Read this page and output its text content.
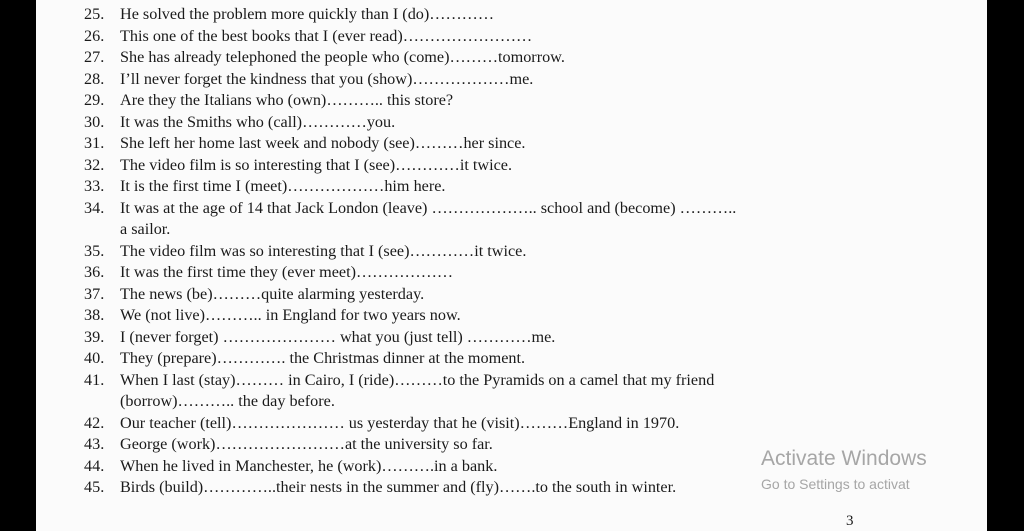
25. He solved the problem more quickly than I (do)…………
26. This one of the best books that I (ever read)……………………
27. She has already telephoned the people who (come)………tomorrow.
28. I’ll never forget the kindness that you (show)………………me.
29. Are they the Italians who (own)……….. this store?
30. It was the Smiths who (call)…………you.
31. She left her home last week and nobody (see)………her since.
32. The video film is so interesting that I (see)…………it twice.
33. It is the first time I (meet)………………him here.
34. It was at the age of 14 that Jack London (leave) ……………….. school and (become) ………..
a sailor.
35. The video film was so interesting that I (see)…………it twice.
36. It was the first time they (ever meet)………………
37. The news (be)………quite alarming yesterday.
38. We (not live)……….. in England for two years now.
39. I (never forget) ………………… what you (just tell) …………me.
40. They (prepare)…………. the Christmas dinner at the moment.
41. When I last (stay)……… in Cairo, I (ride)………to the Pyramids on a camel that my friend
(borrow)……….. the day before.
42. Our teacher (tell)………………… us yesterday that he (visit)………England in 1970.
43. George (work)……………………at the university so far.
44. When he lived in Manchester, he (work)……….in a bank.
45. Birds (build)…………..their nests in the summer and (fly)…….to the south in winter.
Activate Windows
Go to Settings to activat
3
